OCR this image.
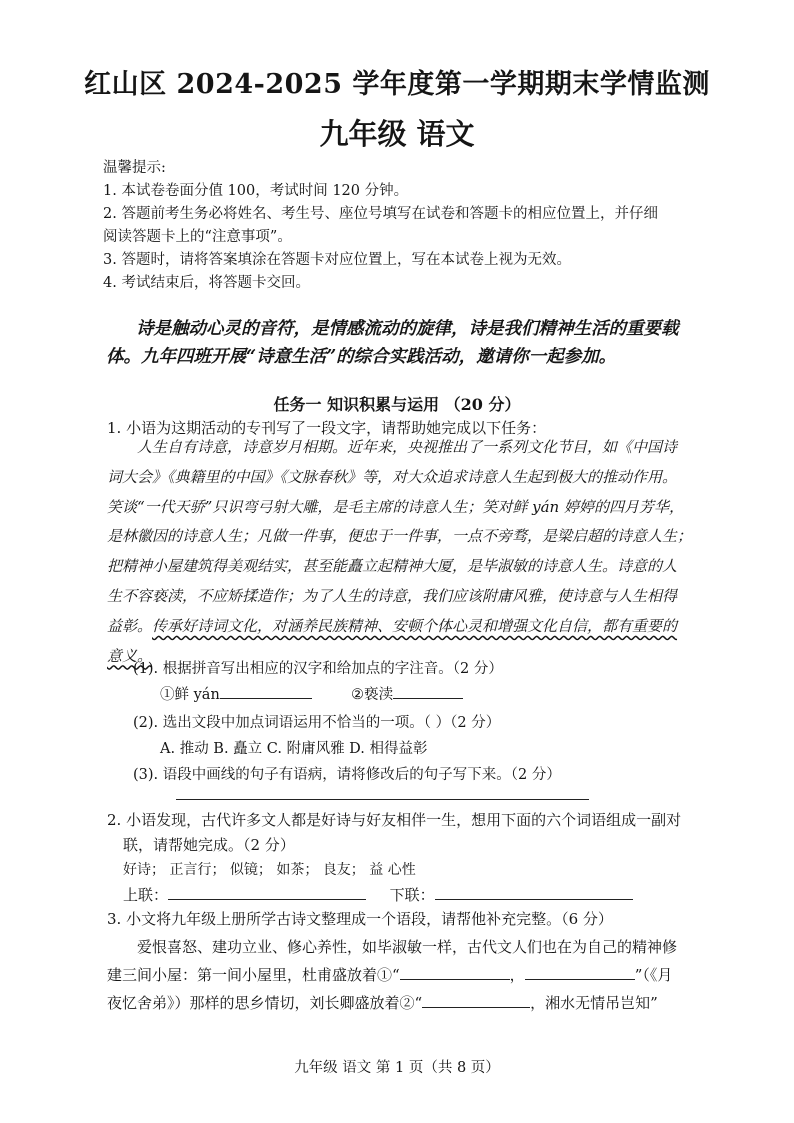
红山区 2024-2025 学年度第一学期期末学情监测
九年级 语文
温馨提示:
1. 本试卷卷面分值 100，考试时间 120 分钟。
2. 答题前考生务必将姓名、考生号、座位号填写在试卷和答题卡的相应位置上，并仔细
阅读答题卡上的“注意事项”。
3. 答题时，请将答案填涂在答题卡对应位置上，写在本试卷上视为无效。
4. 考试结束后，将答题卡交回。
诗是触动心灵的音符，是情感流动的旋律，诗是我们精神生活的重要载
体。九年四班开展“诗意生活”的综合实践活动，邀请你一起参加。
任务一 知识积累与运用 （20 分）
1. 小语为这期活动的专刊写了一段文字，请帮助她完成以下任务：
人生自有诗意，诗意岁月相期。近年来，央视推出了一系列文化节目，如《中国诗
词大会》《典籍里的中国》《文脉春秋》等，对大众追求诗意人生起到极大的推动作用。
笑谈“一代天骄”只识弯弓射大雕，是毛主席的诗意人生；笑对鲜 yán 婷婷的四月芳华，
是林徽因的诗意人生；凡做一件事，便忠于一件事，一点不旁骛，是梁启超的诗意人生；
把精神小屋建筑得美观结实，甚至能矗立起精神大厦，是毕淑敏的诗意人生。诗意的人
生不容亵渎，不应矫揉造作；为了人生的诗意，我们应该附庸风雅，使诗意与人生相得
益彰。传承好诗词文化，对涵养民族精神、安顿个体心灵和增强文化自信，都有重要的
意义。
(1). 根据拼音写出相应的汉字和给加点的字注音。（2 分）
①鲜 yán	②亵渎
(2). 选出文段中加点词语运用不恰当的一项。（ ）（2 分）
A. 推动 B. 矗立 C. 附庸风雅 D. 相得益彰
(3). 语段中画线的句子有语病，请将修改后的句子写下来。（2 分）
2. 小语发现，古代许多文人都是好诗与好友相伴一生，想用下面的六个词语组成一副对
联，请帮她完成。（2 分）
好诗； 正言行； 似镜； 如茶； 良友； 益 心性
上联：	下联：
3. 小文将九年级上册所学古诗文整理成一个语段，请帮他补充完整。（6 分）
爱恨喜怒、建功立业、修心养性，如毕淑敏一样，古代文人们也在为自己的精神修
建三间小屋：第一间小屋里，杜甫盛放着①“	，	”（《月
夜忆舍弟》）那样的思乡情切，刘长卿盛放着②“	，湘水无情吊岂知”
九年级 语文 第 1 页（共 8 页）
